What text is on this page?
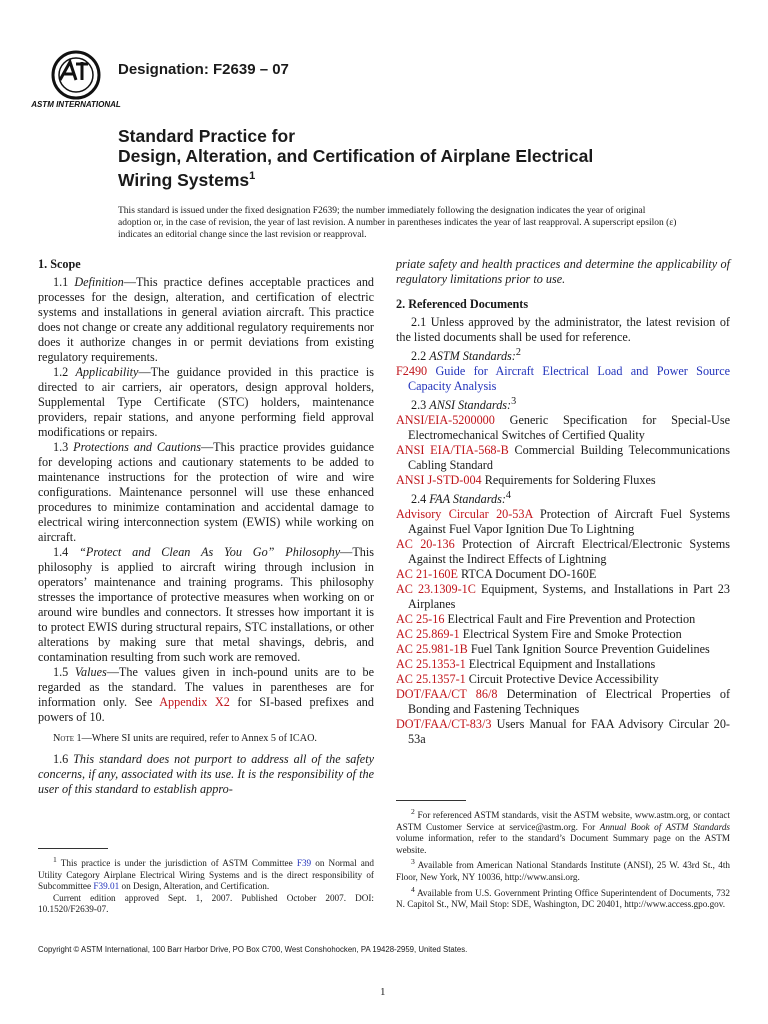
ASTM INTERNATIONAL
Designation: F2639 – 07
Standard Practice for
Design, Alteration, and Certification of Airplane Electrical
Wiring Systems$^1$
This standard is issued under the fixed designation F2639; the number immediately following the designation indicates the year of original adoption or, in the case of revision, the year of last revision. A number in parentheses indicates the year of last reapproval. A superscript epsilon (ε) indicates an editorial change since the last revision or reapproval.

1. Scope

1.1 Definition—This practice defines acceptable practices and processes for the design, alteration, and certification of electric systems and installations in general aviation aircraft. This practice does not change or create any additional regulatory requirements nor does it authorize changes in or permit deviations from existing regulatory requirements.

1.2 Applicability—The guidance provided in this practice is directed to air carriers, air operators, design approval holders, Supplemental Type Certificate (STC) holders, maintenance providers, repair stations, and anyone performing field approval modifications or repairs.

1.3 Protections and Cautions—This practice provides guidance for developing actions and cautionary statements to be added to maintenance instructions for the protection of wire and wire configurations. Maintenance personnel will use these enhanced procedures to minimize contamination and accidental damage to electrical wiring interconnection system (EWIS) while working on aircraft.

1.4 “Protect and Clean As You Go” Philosophy—This philosophy is applied to aircraft wiring through inclusion in operators’ maintenance and training programs. This philosophy stresses the importance of protective measures when working on or around wire bundles and connectors. It stresses how important it is to protect EWIS during structural repairs, STC installations, or other alterations by making sure that metal shavings, debris, and contamination resulting from such work are removed.

1.5 Values—The values given in inch-pound units are to be regarded as the standard. The values in parentheses are for information only. See Appendix X2 for SI-based prefixes and powers of 10.

Note 1—Where SI units are required, refer to Annex 5 of ICAO.

1.6 This standard does not purport to address all of the safety concerns, if any, associated with its use. It is the responsibility of the user of this standard to establish appro-

priate safety and health practices and determine the applicability of regulatory limitations prior to use.

2. Referenced Documents

2.1 Unless approved by the administrator, the latest revision of the listed documents shall be used for reference.

2.2 ASTM Standards:$^2$

F2490 Guide for Aircraft Electrical Load and Power Source Capacity Analysis

2.3 ANSI Standards:$^3$

ANSI/EIA-5200000 Generic Specification for Special-Use Electromechanical Switches of Certified Quality

ANSI EIA/TIA-568-B Commercial Building Telecommunications Cabling Standard

ANSI J-STD-004 Requirements for Soldering Fluxes

2.4 FAA Standards:$^4$

Advisory Circular 20-53A Protection of Aircraft Fuel Systems Against Fuel Vapor Ignition Due To Lightning

AC 20-136 Protection of Aircraft Electrical/Electronic Systems Against the Indirect Effects of Lightning

AC 21-160E RTCA Document DO-160E

AC 23.1309-1C Equipment, Systems, and Installations in Part 23 Airplanes

AC 25-16 Electrical Fault and Fire Prevention and Protection

AC 25.869-1 Electrical System Fire and Smoke Protection

AC 25.981-1B Fuel Tank Ignition Source Prevention Guidelines

AC 25.1353-1 Electrical Equipment and Installations

AC 25.1357-1 Circuit Protective Device Accessibility

DOT/FAA/CT 86/8 Determination of Electrical Properties of Bonding and Fastening Techniques

DOT/FAA/CT-83/3 Users Manual for FAA Advisory Circular 20-53a

$^1$ This practice is under the jurisdiction of ASTM Committee F39 on Normal and Utility Category Airplane Electrical Wiring Systems and is the direct responsibility of Subcommittee F39.01 on Design, Alteration, and Certification.

Current edition approved Sept. 1, 2007. Published October 2007. DOI: 10.1520/F2639-07.

$^2$ For referenced ASTM standards, visit the ASTM website, www.astm.org, or contact ASTM Customer Service at service@astm.org. For Annual Book of ASTM Standards volume information, refer to the standard’s Document Summary page on the ASTM website.

$^3$ Available from American National Standards Institute (ANSI), 25 W. 43rd St., 4th Floor, New York, NY 10036, http://www.ansi.org.

$^4$ Available from U.S. Government Printing Office Superintendent of Documents, 732 N. Capitol St., NW, Mail Stop: SDE, Washington, DC 20401, http://www.access.gpo.gov.

Copyright © ASTM International, 100 Barr Harbor Drive, PO Box C700, West Conshohocken, PA 19428-2959, United States.
1
